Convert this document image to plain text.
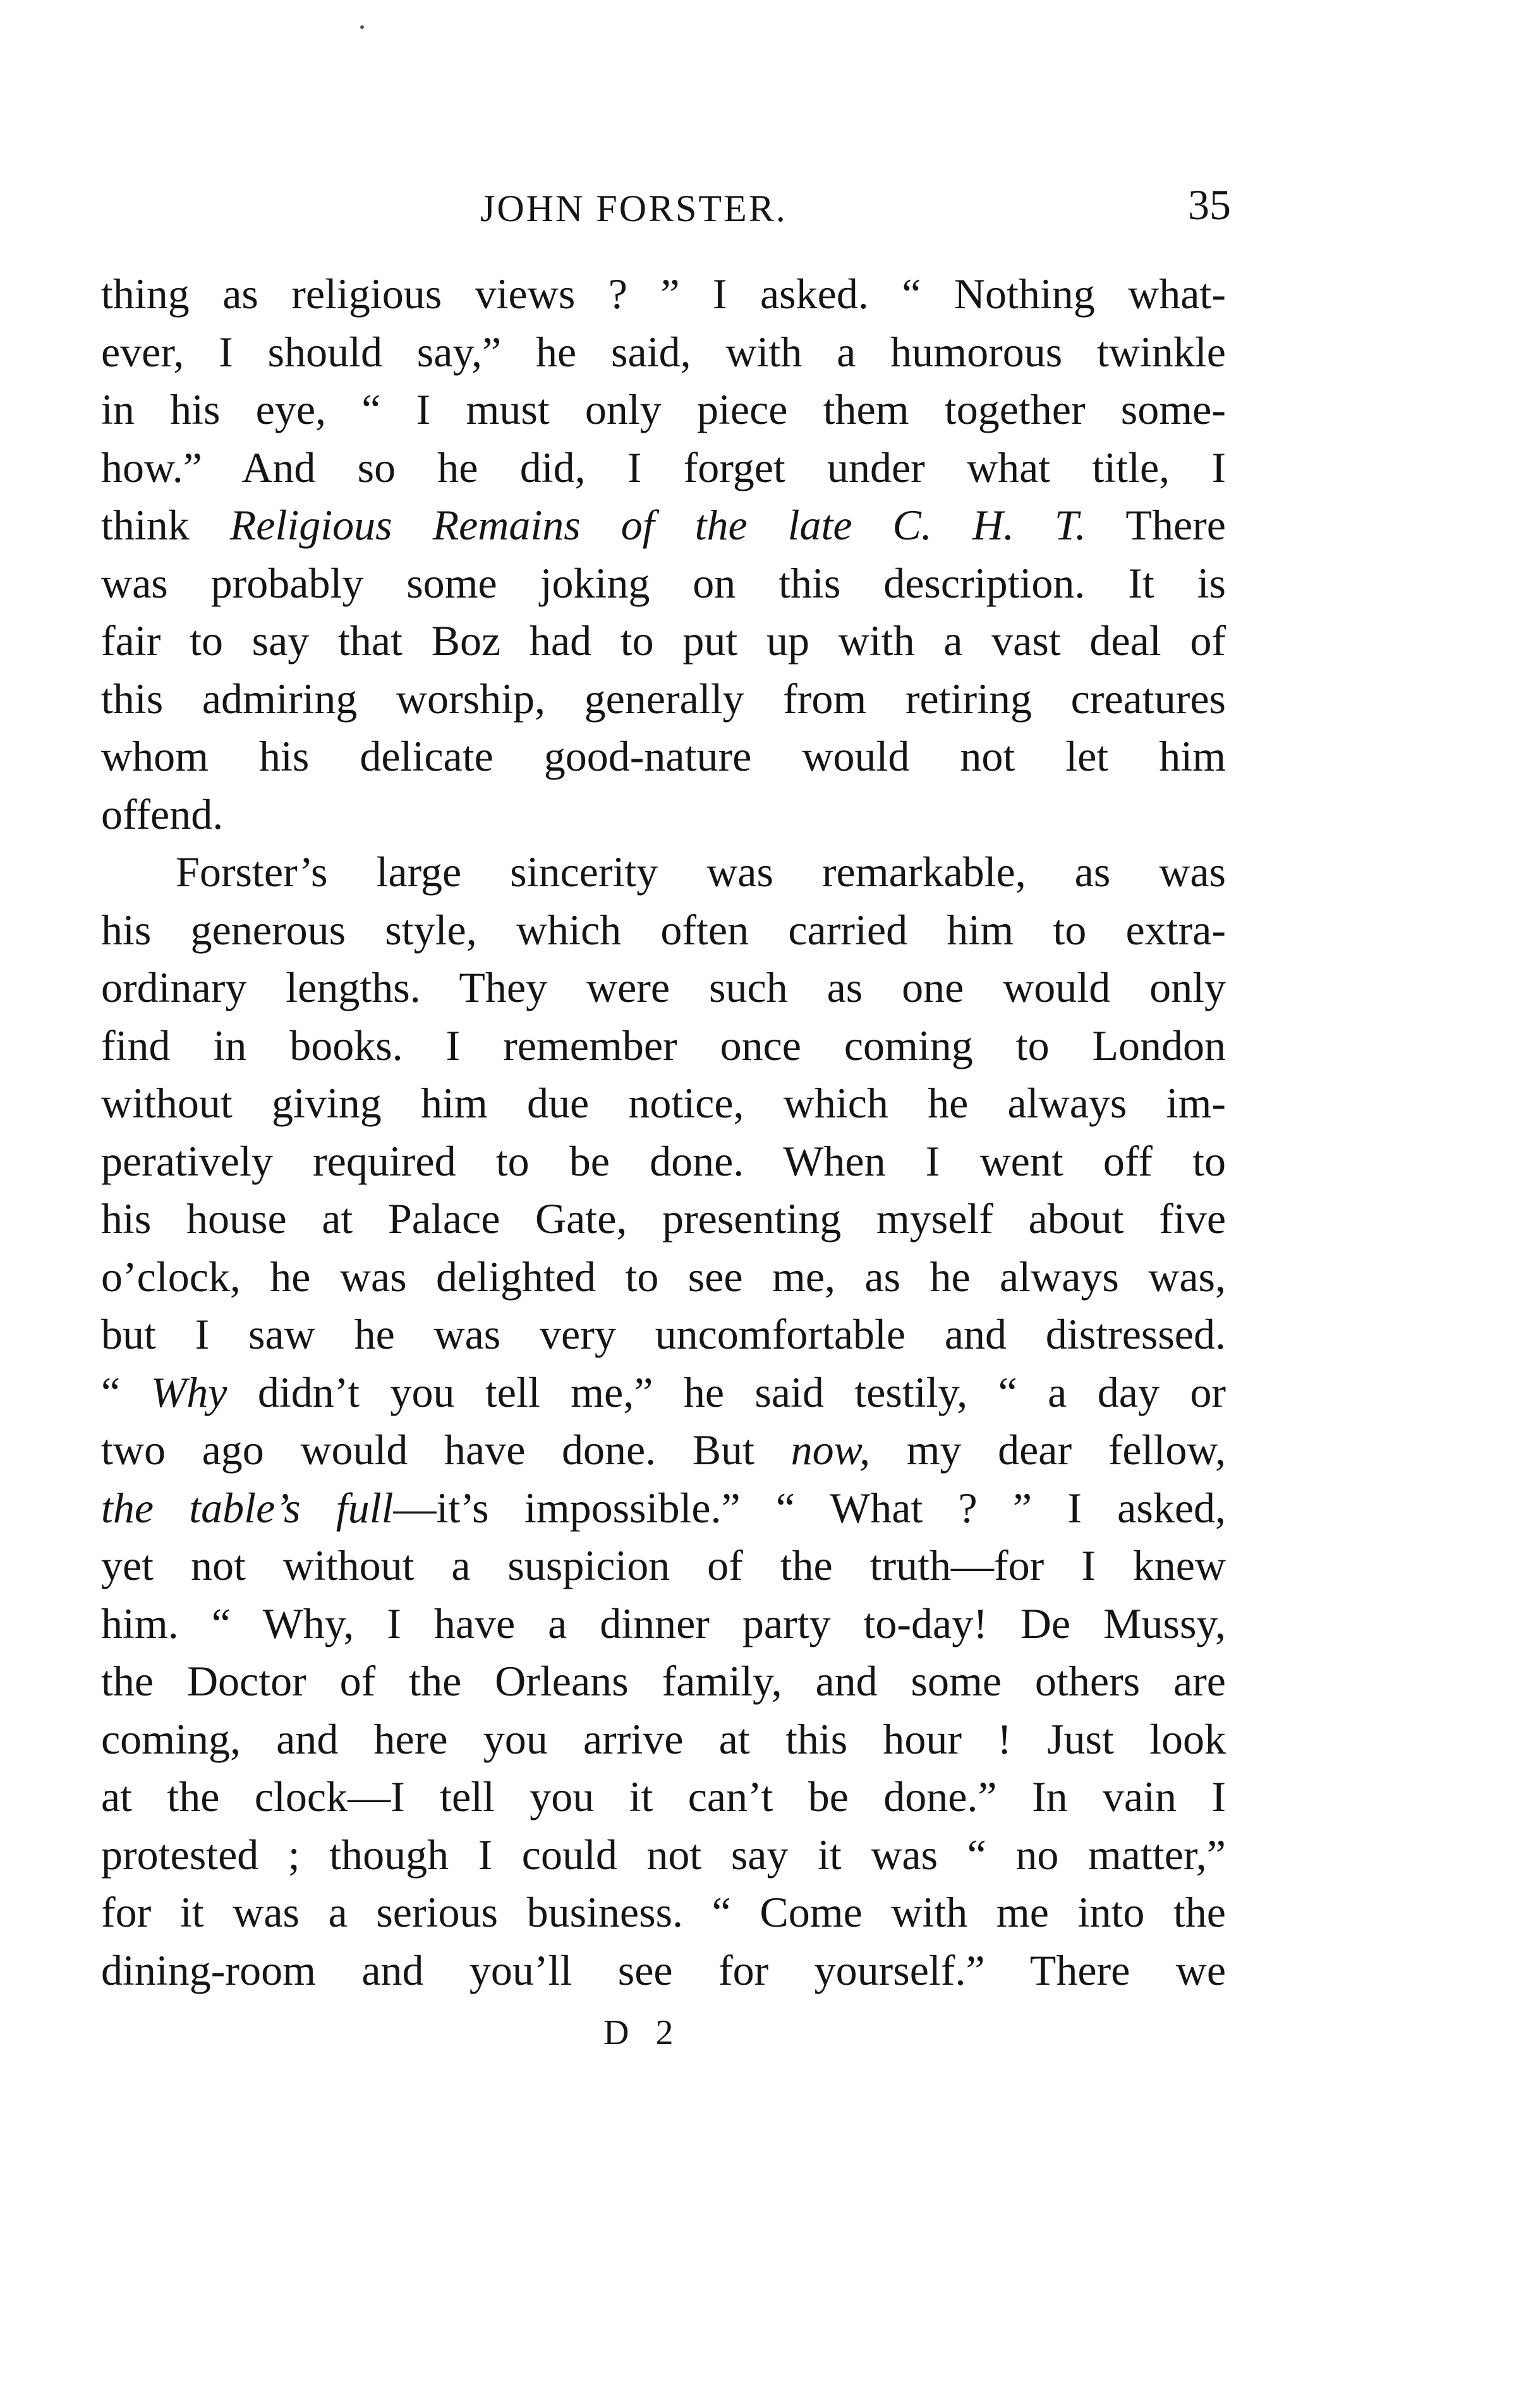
JOHN FORSTER.	35
thing as religious views ? ” I asked. “ Nothing what-
ever, I should say,” he said, with a humorous twinkle
in his eye, “ I must only piece them together some-
how.” And so he did, I forget under what title, I
think Religious Remains of the late C. H. T. There
was probably some joking on this description. It is
fair to say that Boz had to put up with a vast deal of
this admiring worship, generally from retiring creatures
whom his delicate good-nature would not let him
offend.
Forster’s large sincerity was remarkable, as was
his generous style, which often carried him to extra-
ordinary lengths. They were such as one would only
find in books. I remember once coming to London
without giving him due notice, which he always im-
peratively required to be done. When I went off to
his house at Palace Gate, presenting myself about five
o’clock, he was delighted to see me, as he always was,
but I saw he was very uncomfortable and distressed.
“ Why didn’t you tell me,” he said testily, “ a day or
two ago would have done. But now, my dear fellow,
the table’s full—it’s impossible.” “ What ? ” I asked,
yet not without a suspicion of the truth—for I knew
him. “ Why, I have a dinner party to-day! De Mussy,
the Doctor of the Orleans family, and some others are
coming, and here you arrive at this hour ! Just look
at the clock—I tell you it can’t be done.” In vain I
protested ; though I could not say it was “ no matter,”
for it was a serious business. “ Come with me into the
dining-room and you’ll see for yourself.” There we
D 2
